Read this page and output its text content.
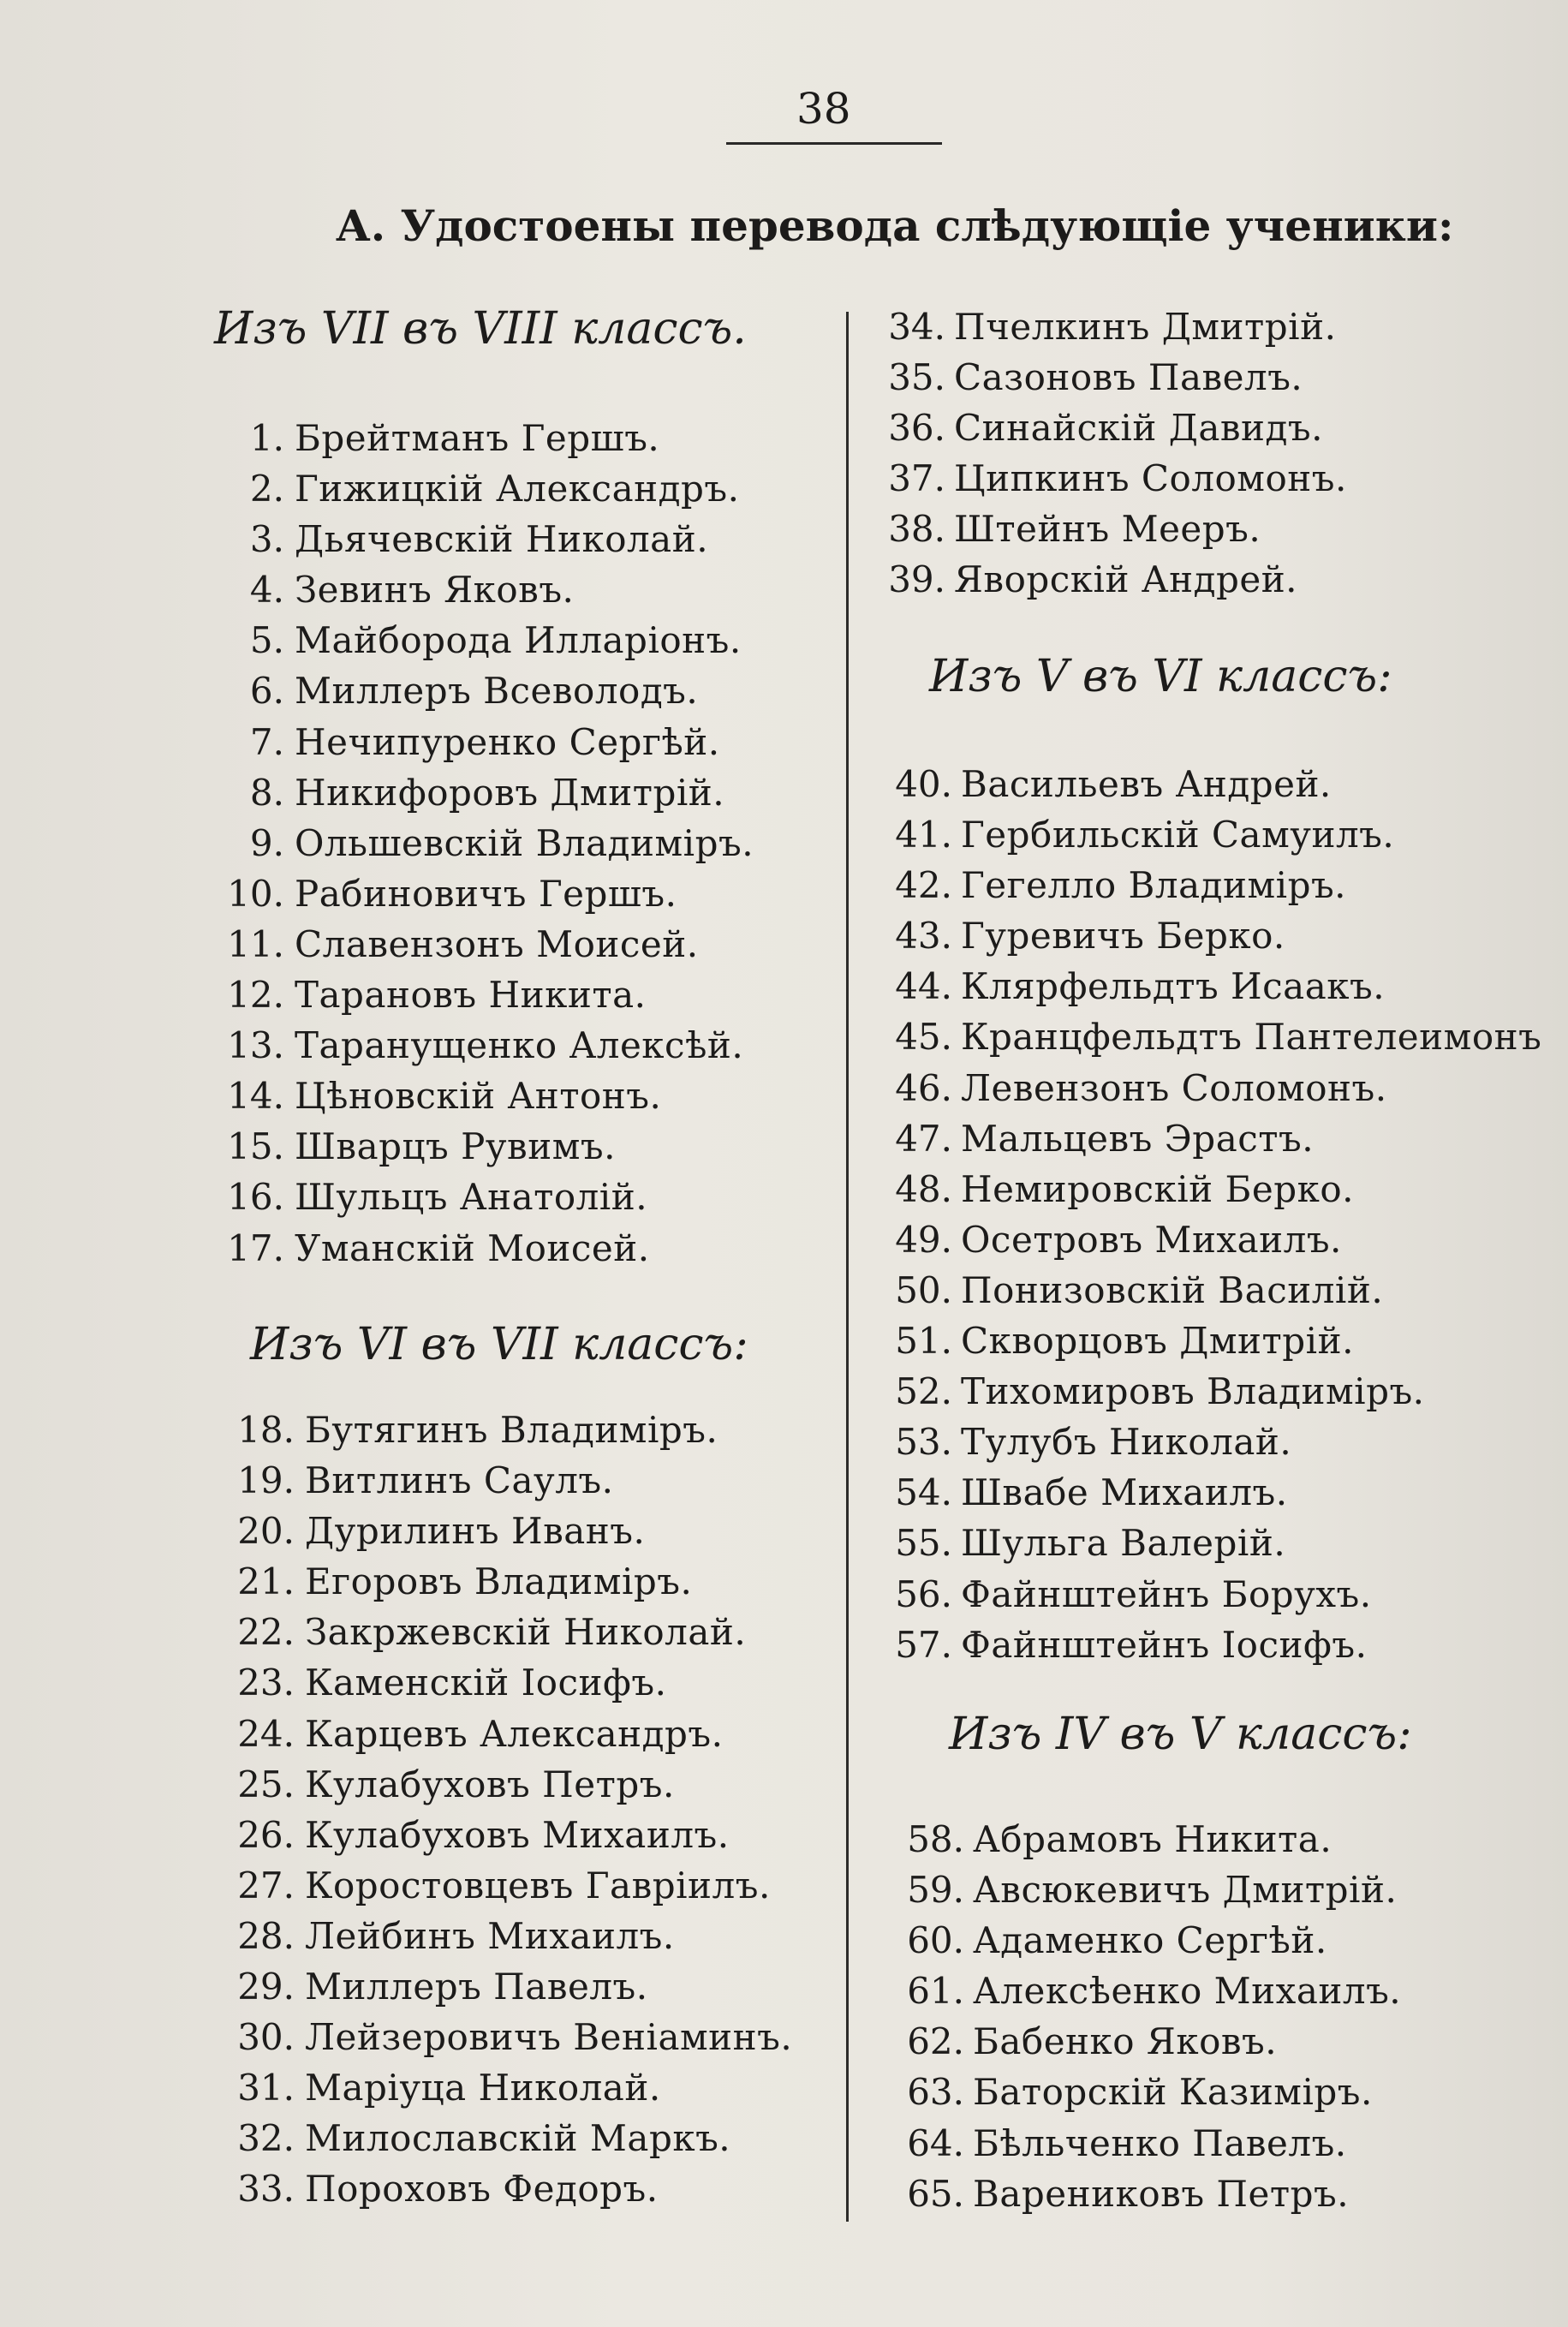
38
А. Удостоены перевода слѣдующіе ученики:
Изъ VII въ VIII классъ.
1. Брейтманъ Гершъ.
2. Гижицкій Александръ.
3. Дьячевскій Николай.
4. Зевинъ Яковъ.
5. Майборода Илларіонъ.
6. Миллеръ Всеволодъ.
7. Нечипуренко Сергѣй.
8. Никифоровъ Дмитрій.
9. Ольшевскій Владиміръ.
10. Рабиновичъ Гершъ.
11. Славензонъ Моисей.
12. Тарановъ Никита.
13. Таранущенко Алексѣй.
14. Цѣновскій Антонъ.
15. Шварцъ Рувимъ.
16. Шульцъ Анатолій.
17. Уманскій Моисей.
Изъ VI въ VII классъ:
18. Бутягинъ Владиміръ.
19. Витлинъ Саулъ.
20. Дурилинъ Иванъ.
21. Егоровъ Владиміръ.
22. Закржевскій Николай.
23. Каменскій Іосифъ.
24. Карцевъ Александръ.
25. Кулабуховъ Петръ.
26. Кулабуховъ Михаилъ.
27. Коростовцевъ Гавріилъ.
28. Лейбинъ Михаилъ.
29. Миллеръ Павелъ.
30. Лейзеровичъ Веніаминъ.
31. Маріуца Николай.
32. Милославскій Маркъ.
33. Пороховъ Федоръ.
34. Пчелкинъ Дмитрій.
35. Сазоновъ Павелъ.
36. Синайскій Давидъ.
37. Ципкинъ Соломонъ.
38. Штейнъ Мееръ.
39. Яворскій Андрей.
Изъ V въ VI классъ:
40. Васильевъ Андрей.
41. Гербильскій Самуилъ.
42. Гегелло Владиміръ.
43. Гуревичъ Берко.
44. Клярфельдтъ Исаакъ.
45. Кранцфельдтъ Пантелеимонъ
46. Левензонъ Соломонъ.
47. Мальцевъ Эрастъ.
48. Немировскій Берко.
49. Осетровъ Михаилъ.
50. Понизовскій Василій.
51. Скворцовъ Дмитрій.
52. Тихомировъ Владиміръ.
53. Тулубъ Николай.
54. Швабе Михаилъ.
55. Шульга Валерій.
56. Файнштейнъ Борухъ.
57. Файнштейнъ Іосифъ.
Изъ IV въ V классъ:
58. Абрамовъ Никита.
59. Авсюкевичъ Дмитрій.
60. Адаменко Сергѣй.
61. Алексѣенко Михаилъ.
62. Бабенко Яковъ.
63. Баторскій Казиміръ.
64. Бѣльченко Павелъ.
65. Варениковъ Петръ.
